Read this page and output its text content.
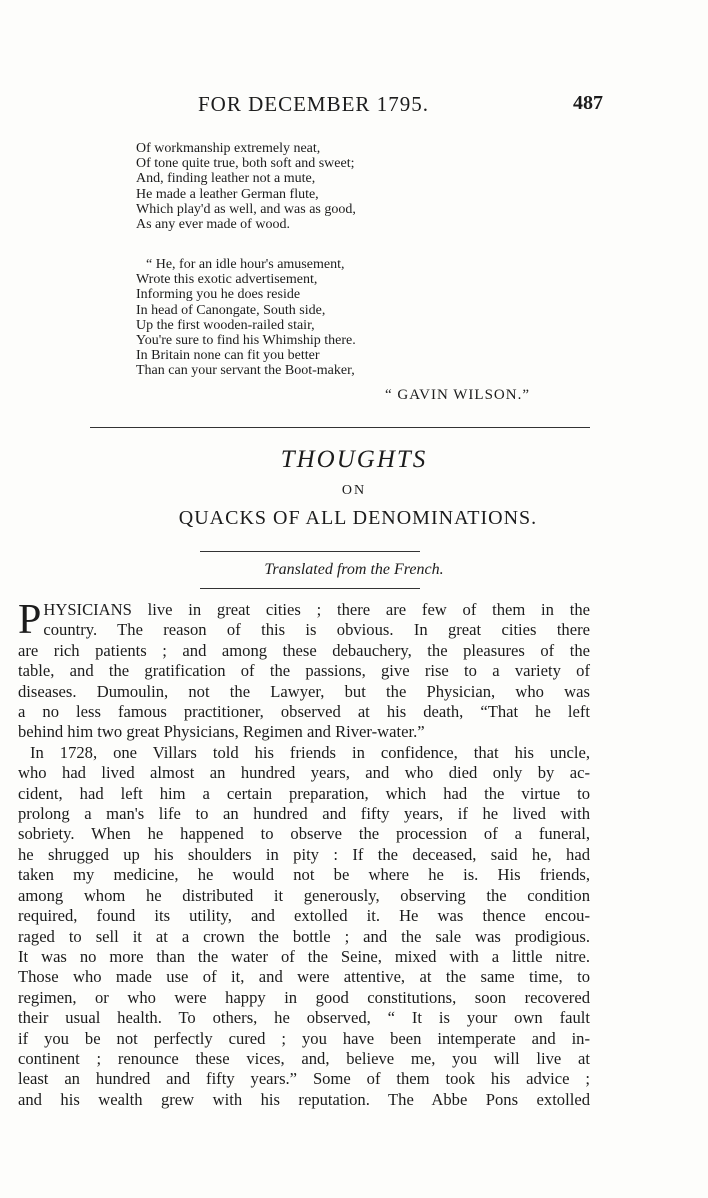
FOR DECEMBER 1795.	487
Of workmanship extremely neat,
Of tone quite true, both soft and sweet;
And, finding leather not a mute,
He made a leather German flute,
Which play'd as well, and was as good,
As any ever made of wood.
“ He, for an idle hour's amusement,
Wrote this exotic advertisement,
Informing you he does reside
In head of Canongate, South side,
Up the first wooden-railed stair,
You're sure to find his Whimship there.
In Britain none can fit you better
Than can your servant the Boot-maker,
“ GAVIN WILSON.”
THOUGHTS
ON
QUACKS OF ALL DENOMINATIONS.
Translated from the French.
P HYSICIANS live in great cities ; there are few of them in the
country. The reason of this is obvious. In great cities there
are rich patients ; and among these debauchery, the pleasures of the
table, and the gratification of the passions, give rise to a variety of
diseases. Dumoulin, not the Lawyer, but the Physician, who was
a no less famous practitioner, observed at his death, “That he left
behind him two great Physicians, Regimen and River-water.”
In 1728, one Villars told his friends in confidence, that his uncle,
who had lived almost an hundred years, and who died only by ac-
cident, had left him a certain preparation, which had the virtue to
prolong a man's life to an hundred and fifty years, if he lived with
sobriety. When he happened to observe the procession of a funeral,
he shrugged up his shoulders in pity : If the deceased, said he, had
taken my medicine, he would not be where he is. His friends,
among whom he distributed it generously, observing the condition
required, found its utility, and extolled it. He was thence encou-
raged to sell it at a crown the bottle ; and the sale was prodigious.
It was no more than the water of the Seine, mixed with a little nitre.
Those who made use of it, and were attentive, at the same time, to
regimen, or who were happy in good constitutions, soon recovered
their usual health. To others, he observed, “ It is your own fault
if you be not perfectly cured ; you have been intemperate and in-
continent ; renounce these vices, and, believe me, you will live at
least an hundred and fifty years.” Some of them took his advice ;
and his wealth grew with his reputation. The Abbe Pons extolled
